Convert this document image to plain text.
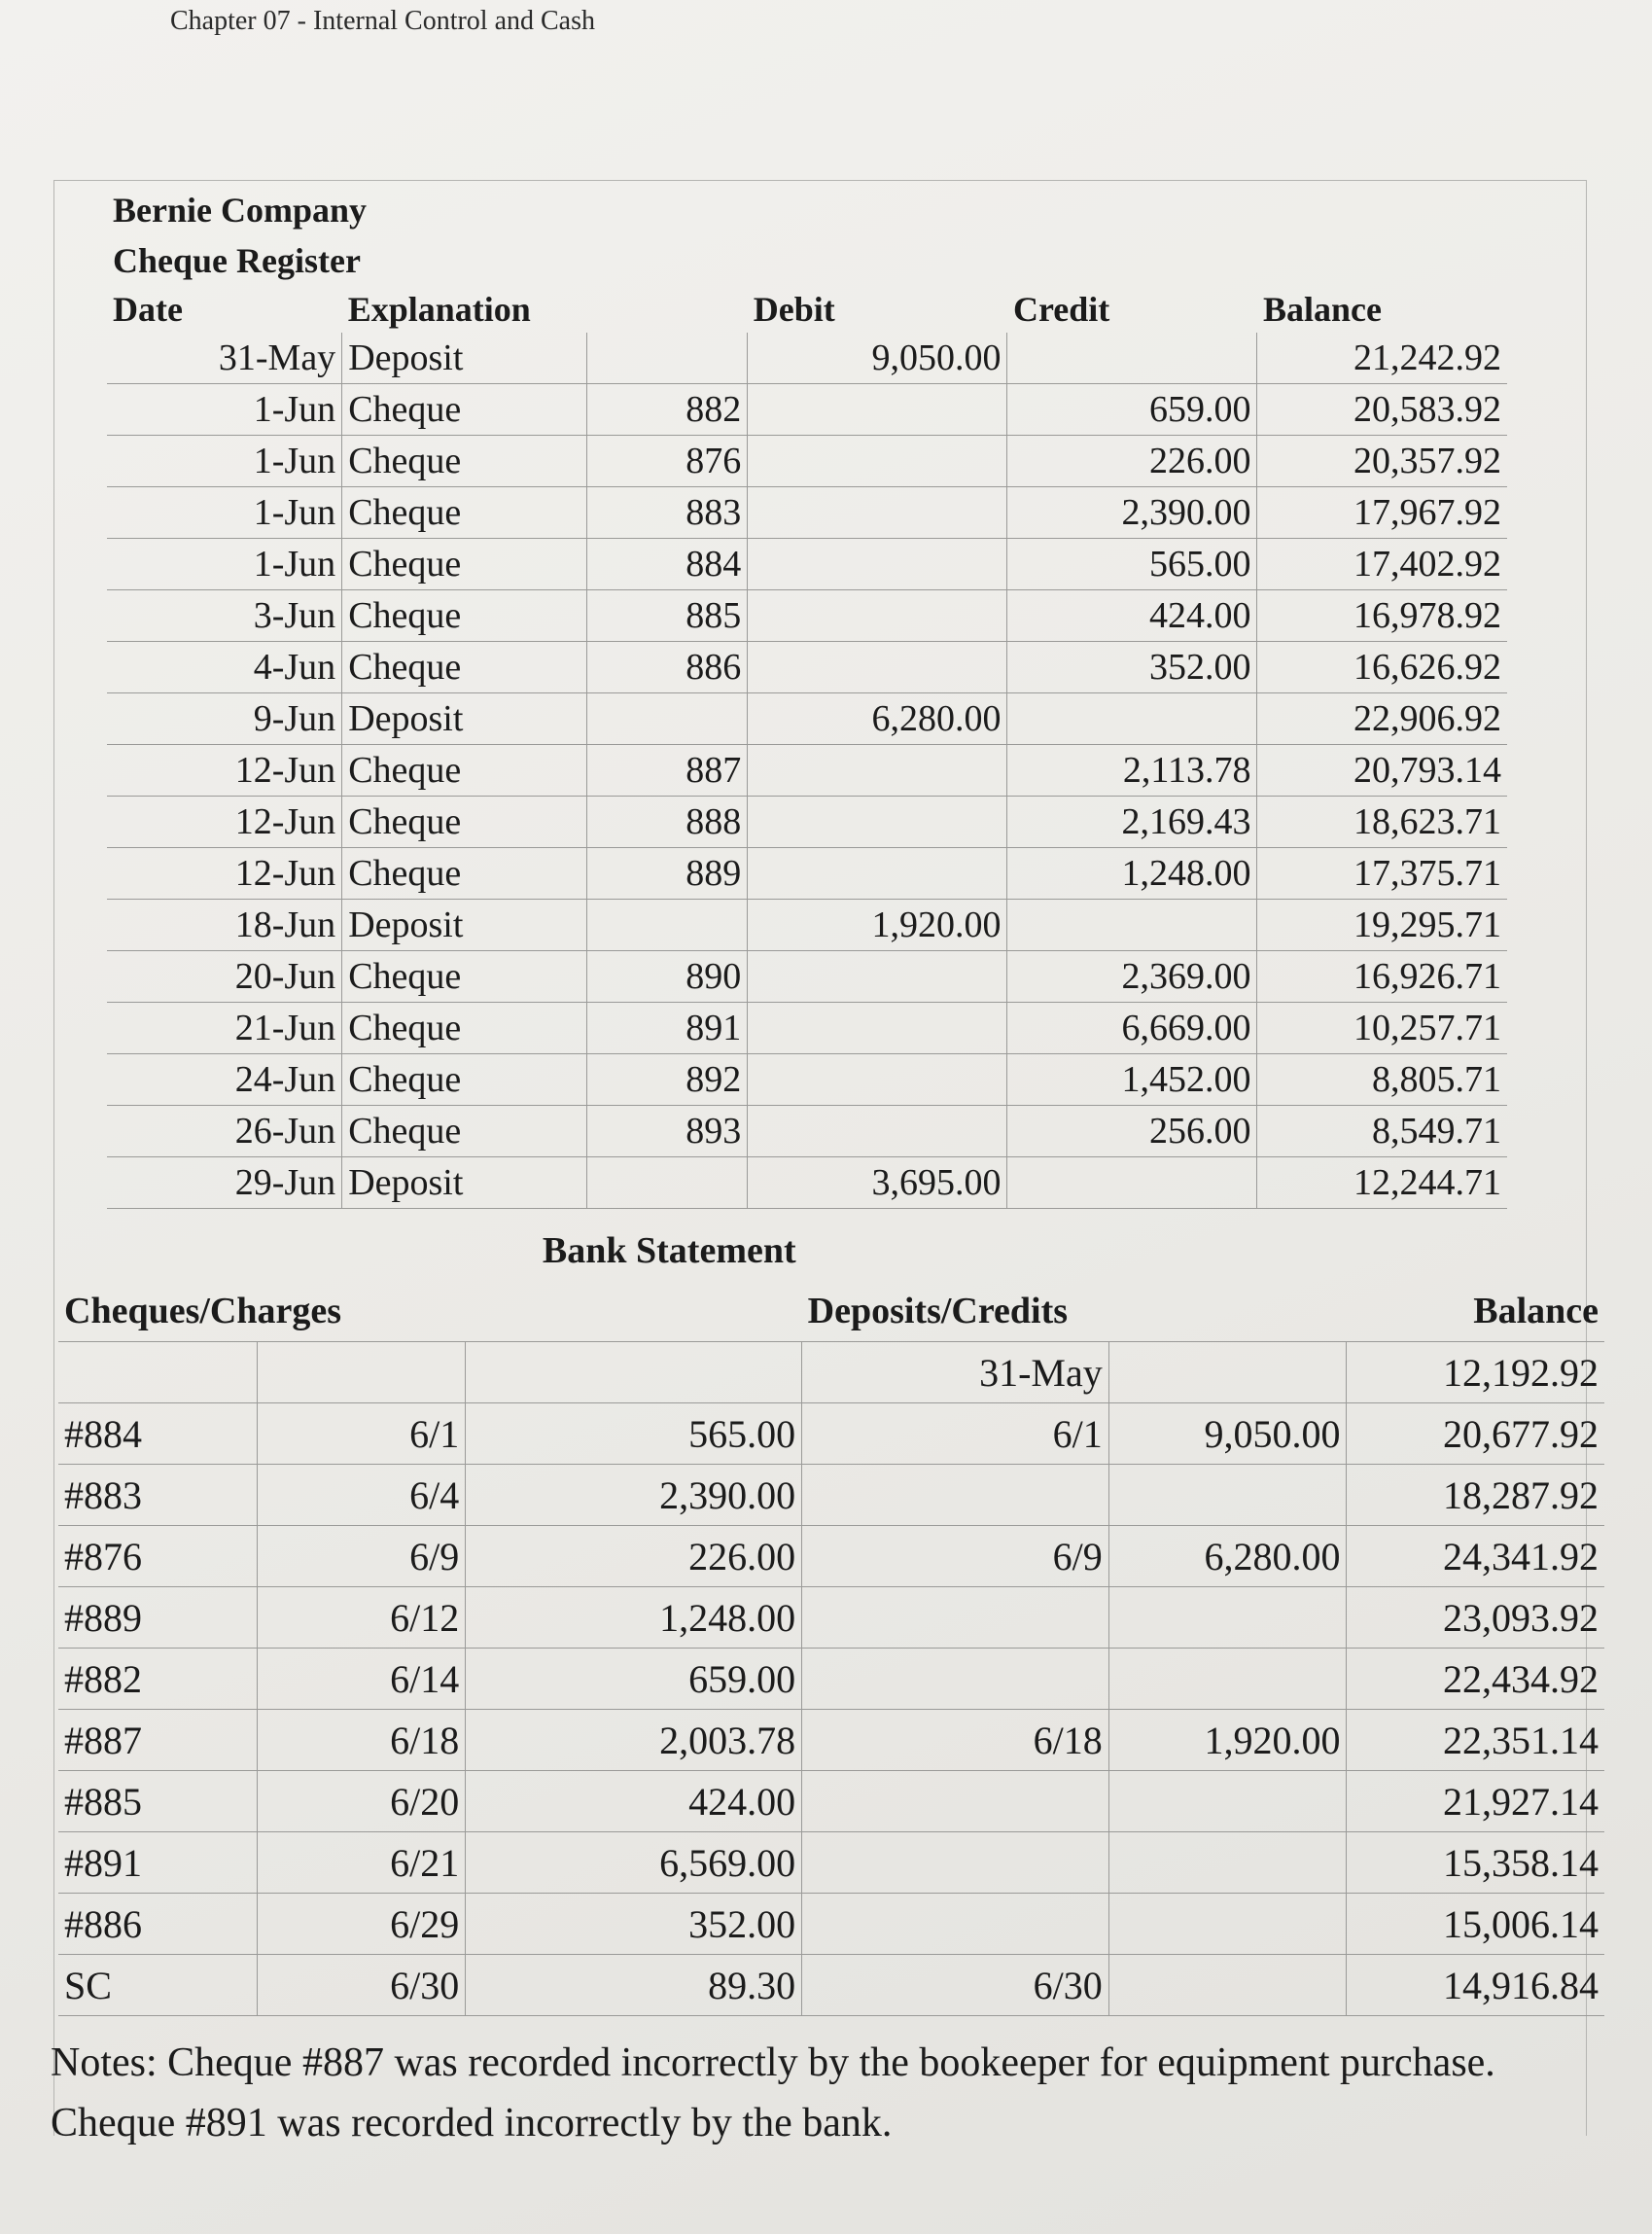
Chapter 07 - Internal Control and Cash
Bernie Company					
Cheque Register					
Date	Explanation		Debit	Credit	Balance
31-May	Deposit		9,050.00		21,242.92
1-Jun	Cheque	882		659.00	20,583.92
1-Jun	Cheque	876		226.00	20,357.92
1-Jun	Cheque	883		2,390.00	17,967.92
1-Jun	Cheque	884		565.00	17,402.92
3-Jun	Cheque	885		424.00	16,978.92
4-Jun	Cheque	886		352.00	16,626.92
9-Jun	Deposit		6,280.00		22,906.92
12-Jun	Cheque	887		2,113.78	20,793.14
12-Jun	Cheque	888		2,169.43	18,623.71
12-Jun	Cheque	889		1,248.00	17,375.71
18-Jun	Deposit		1,920.00		19,295.71
20-Jun	Cheque	890		2,369.00	16,926.71
21-Jun	Cheque	891		6,669.00	10,257.71
24-Jun	Cheque	892		1,452.00	8,805.71
26-Jun	Cheque	893		256.00	8,549.71
29-Jun	Deposit		3,695.00		12,244.71
		Bank Statement			
Cheques/Charges			Deposits/Credits		Balance
			31-May		12,192.92
#884	6/1	565.00	6/1	9,050.00	20,677.92
#883	6/4	2,390.00			18,287.92
#876	6/9	226.00	6/9	6,280.00	24,341.92
#889	6/12	1,248.00			23,093.92
#882	6/14	659.00			22,434.92
#887	6/18	2,003.78	6/18	1,920.00	22,351.14
#885	6/20	424.00			21,927.14
#891	6/21	6,569.00			15,358.14
#886	6/29	352.00			15,006.14
SC	6/30	89.30	6/30		14,916.84
Notes: Cheque #887 was recorded incorrectly by the bookeeper for equipment purchase. Cheque #891 was recorded incorrectly by the bank.
